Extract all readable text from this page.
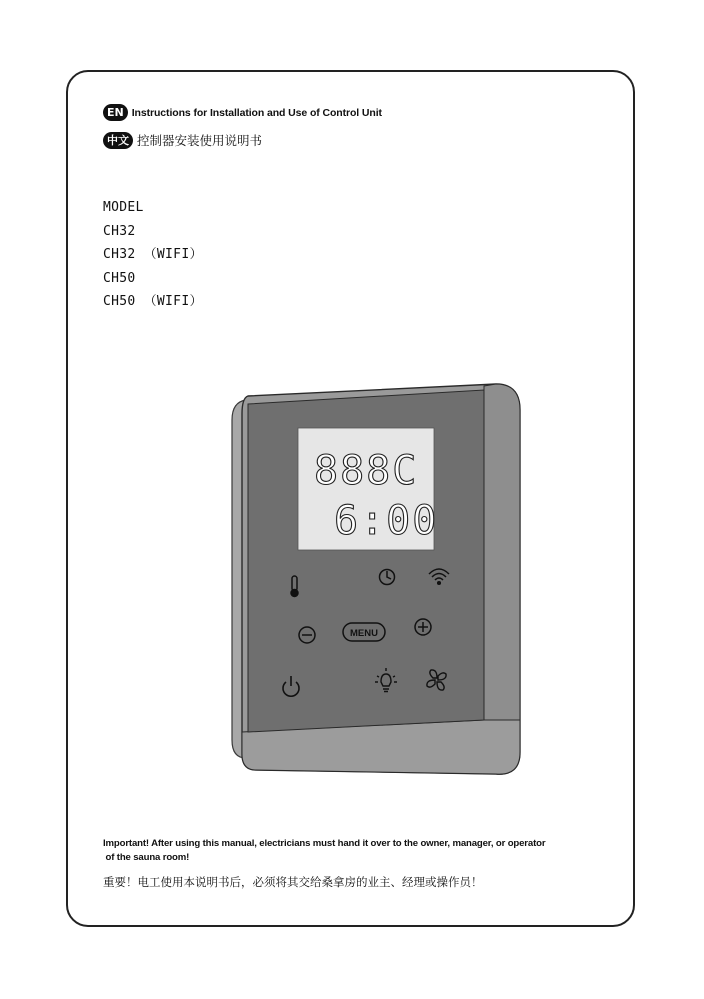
EN Instructions for Installation and Use of Control Unit
中文 控制器安装使用说明书
MODEL
CH32
CH32 （WIFI）
CH50
CH50 （WIFI）
888C
6:00
MENU
Important! After using this manual, electricians must hand it over to the owner, manager, or operator
of the sauna room!
重要！电工使用本说明书后，必须将其交给桑拿房的业主、经理或操作员！
